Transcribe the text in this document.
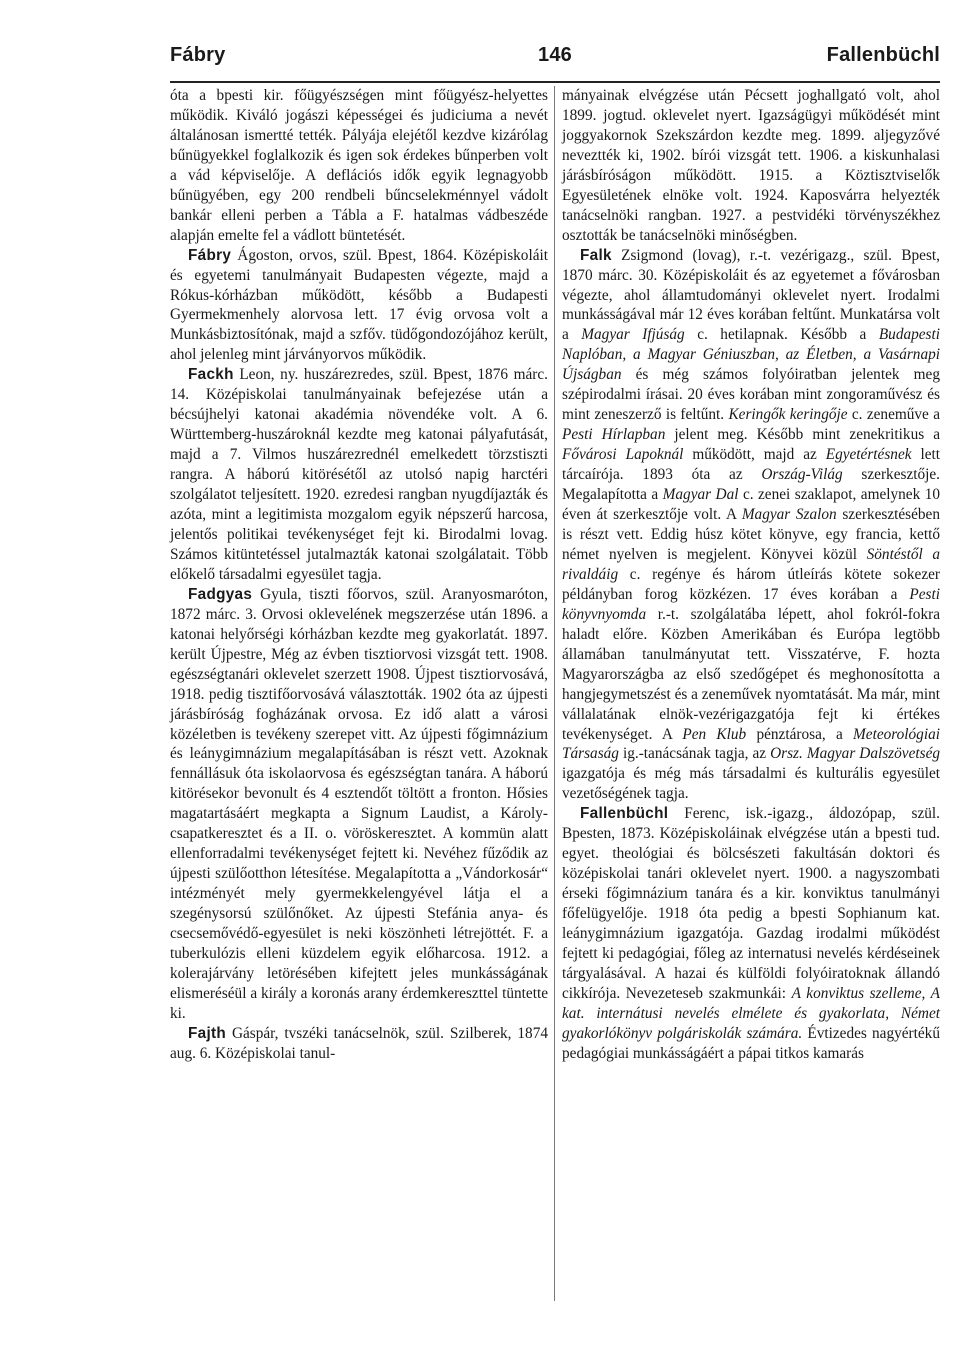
Fábry	146	Fallenbüchl

óta a bpesti kir. főügyészségen mint főügyész-helyettes működik. Kiváló jogászi képességei és judiciuma a nevét általánosan ismertté tették. Pályája elejétől kezdve kizárólag bűnügyekkel foglalkozik és igen sok érdekes bűnperben volt a vád képviselője. A deflációs idők egyik legnagyobb bűnügyében, egy 200 rendbeli bűncselekménnyel vádolt bankár elleni perben a Tábla a F. hatalmas vádbeszéde alapján emelte fel a vádlott büntetését.

Fábry Ágoston, orvos, szül. Bpest, 1864. Középiskoláit és egyetemi tanulmányait Budapesten végezte, majd a Rókus-kórházban működött, később a Budapesti Gyermekmenhely alorvosa lett. 17 évig orvosa volt a Munkásbiztosítónak, majd a szfőv. tüdőgondozójához került, ahol jelenleg mint járványorvos működik.

Fackh Leon, ny. huszárezredes, szül. Bpest, 1876 márc. 14. Középiskolai tanulmányainak befejezése után a bécsújhelyi katonai akadémia növendéke volt. A 6. Württemberg-huszároknál kezdte meg katonai pályafutását, majd a 7. Vilmos huszárezrednél emelkedett törzstiszti rangra. A háború kitörésétől az utolsó napig harctéri szolgálatot teljesített. 1920. ezredesi rangban nyugdíjazták és azóta, mint a legitimista mozgalom egyik népszerű harcosa, jelentős politikai tevékenységet fejt ki. Birodalmi lovag. Számos kitüntetéssel jutalmazták katonai szolgálatait. Több előkelő társadalmi egyesület tagja.

Fadgyas Gyula, tiszti főorvos, szül. Aranyosmaróton, 1872 márc. 3. Orvosi oklevelének megszerzése után 1896. a katonai helyőrségi kórházban kezdte meg gyakorlatát. 1897. került Újpestre, Még az évben tisztiorvosi vizsgát tett. 1908. egészségtanári oklevelet szerzett 1908. Újpest tisztiorvosává, 1918. pedig tisztifőorvosává választották. 1902 óta az újpesti járásbíróság fogházának orvosa. Ez idő alatt a városi közéletben is tevékeny szerepet vitt. Az újpesti főgimnázium és leánygimnázium megalapításában is részt vett. Azoknak fennállásuk óta iskolaorvosa és egészségtan tanára. A háború kitörésekor bevonult és 4 esztendőt töltött a fronton. Hősies magatartásáért megkapta a Signum Laudist, a Károly-csapatkeresztet és a II. o. vöröskeresztet. A kommün alatt ellenforradalmi tevékenységet fejtett ki. Nevéhez fűződik az újpesti szülőotthon létesítése. Megalapította a „Vándorkosár“ intézményét mely gyermekkelengyével látja el a szegénysorsú szülőnőket. Az újpesti Stefánia anya- és csecsemővédő-egyesület is neki köszönheti létrejöttét. F. a tuberkulózis elleni küzdelem egyik előharcosa. 1912. a kolerajárvány letörésében kifejtett jeles munkásságának elismeréséül a király a koronás arany érdemkereszttel tüntette ki.

Fajth Gáspár, tvszéki tanácselnök, szül. Szilberek, 1874 aug. 6. Középiskolai tanul-

mányainak elvégzése után Pécsett joghallgató volt, ahol 1899. jogtud. oklevelet nyert. Igazságügyi működését mint joggyakornok Szekszárdon kezdte meg. 1899. aljegyzővé neveztték ki, 1902. bírói vizsgát tett. 1906. a kiskunhalasi járásbíróságon működött. 1915. a Köztisztviselők Egyesületének elnöke volt. 1924. Kaposvárra helyezték tanácselnöki rangban. 1927. a pestvidéki törvényszékhez osztották be tanácselnöki minőségben.

Falk Zsigmond (lovag), r.-t. vezérigazg., szül. Bpest, 1870 márc. 30. Középiskoláit és az egyetemet a fővárosban végezte, ahol államtudományi oklevelet nyert. Irodalmi munkásságával már 12 éves korában feltűnt. Munkatársa volt a Magyar Ifjúság c. hetilapnak. Később a Budapesti Naplóban, a Magyar Géniuszban, az Életben, a Vasárnapi Újságban és még számos folyóiratban jelentek meg szépirodalmi írásai. 20 éves korában mint zongoraművész és mint zeneszerző is feltűnt. Keringők keringője c. zeneműve a Pesti Hírlapban jelent meg. Később mint zenekritikus a Fővárosi Lapoknál működött, majd az Egyetértésnek lett tárcaírója. 1893 óta az Ország-Világ szerkesztője. Megalapította a Magyar Dal c. zenei szaklapot, amelynek 10 éven át szerkesztője volt. A Magyar Szalon szerkesztésében is részt vett. Eddig húsz kötet könyve, egy francia, kettő német nyelven is megjelent. Könyvei közül Söntéstől a rivaldáig c. regénye és három útleírás kötete sokezer példányban forog közkézen. 17 éves korában a Pesti könyvnyomda r.-t. szolgálatába lépett, ahol fokról-fokra haladt előre. Közben Amerikában és Európa legtöbb államában tanulmányutat tett. Visszatérve, F. hozta Magyarországba az első szedőgépet és meghonosította a hangjegymetszést és a zeneművek nyomtatását. Ma már, mint vállalatának elnök-vezérigazgatója fejt ki értékes tevékenységet. A Pen Klub pénztárosa, a Meteorológiai Társaság ig.-tanácsának tagja, az Orsz. Magyar Dalszövetség igazgatója és még más társadalmi és kulturális egyesület vezetőségének tagja.

Fallenbüchl Ferenc, isk.-igazg., áldozópap, szül. Bpesten, 1873. Középiskoláinak elvégzése után a bpesti tud. egyet. theológiai és bölcsészeti fakultásán doktori és középiskolai tanári oklevelet nyert. 1900. a nagyszombati érseki főgimnázium tanára és a kir. konviktus tanulmányi főfelügyelője. 1918 óta pedig a bpesti Sophianum kat. leánygimnázium igazgatója. Gazdag irodalmi működést fejtett ki pedagógiai, főleg az internatusi nevelés kérdéseinek tárgyalásával. A hazai és külföldi folyóiratoknak állandó cikkírója. Nevezeteseb szakmunkái: A konviktus szelleme, A kat. internátusi nevelés elmélete és gyakorlata, Német gyakorlókönyv polgáriskolák számára. Évtizedes nagyértékű pedagógiai munkásságáért a pápai titkos kamarás
